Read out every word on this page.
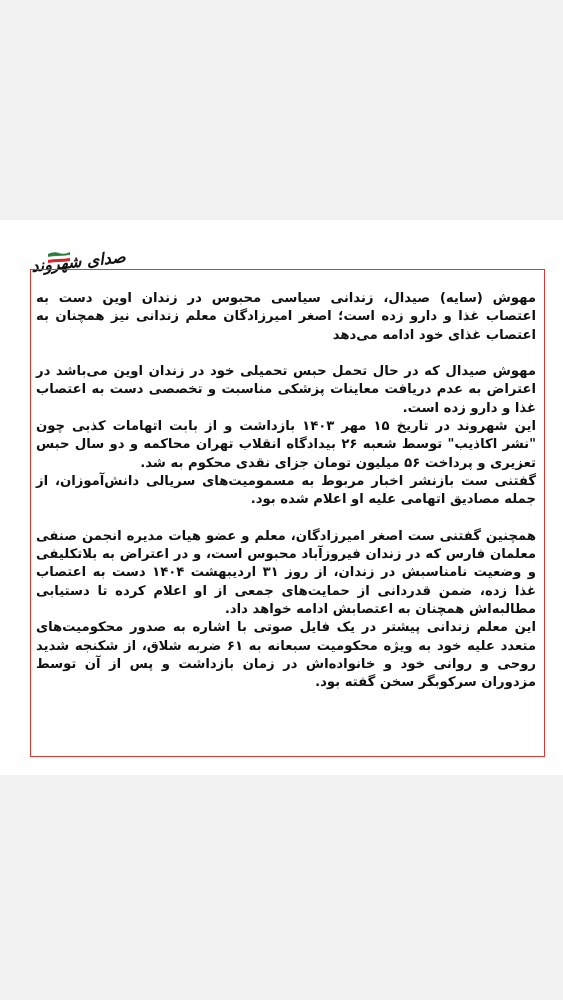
صدای شهروند

مهوش (سایه) صیدال، زندانی سیاسی محبوس در زندان اوین دست به اعتصاب غذا و دارو زده است؛ اصغر امیرزادگان معلم زندانی نیز همچنان به اعتصاب غذای خود ادامه می‌دهد

مهوش صیدال که در حال تحمل حبس تحمیلی خود در زندان اوین می‌باشد در اعتراض به عدم دریافت معاینات پزشکی مناسبت و تخصصی دست به اعتصاب غذا و دارو زده است.

این شهروند در تاریخ ۱۵ مهر ۱۴۰۳ بازداشت و از بابت اتهامات کذبی چون "نشر اکاذیب" توسط شعبه ۲۶ بیدادگاه انقلاب تهران محاکمه و دو سال حبس تعزیری و پرداخت ۵۶ میلیون تومان جزای نقدی محکوم به شد.

گفتنی ست بازنشر اخبار مربوط به مسمومیت‌های سریالی دانش‌آموزان، از جمله مصادیق اتهامی علیه او اعلام شده بود.

همچنین گفتنی ست اصغر امیرزادگان، معلم و عضو هیات مدیره انجمن صنفی معلمان فارس که در زندان فیروزآباد محبوس است، و در اعتراض به بلاتکلیفی و وضعیت نامناسبش در زندان، از روز ۳۱ اردیبهشت ۱۴۰۴ دست به اعتصاب غذا زده، ضمن قدردانی از حمایت‌های جمعی از او اعلام کرده تا دستیابی مطالبه‌اش همچنان به اعتصابش ادامه خواهد داد.

این معلم زندانی پیشتر در یک فایل صوتی با اشاره به صدور محکومیت‌های متعدد علیه خود به ویژه محکومیت سبعانه به ۶۱ ضربه شلاق، از شکنجه شدید روحی و روانی خود و خانواده‌اش در زمان بازداشت و پس از آن توسط مزدوران سرکوبگر سخن گفته بود.
